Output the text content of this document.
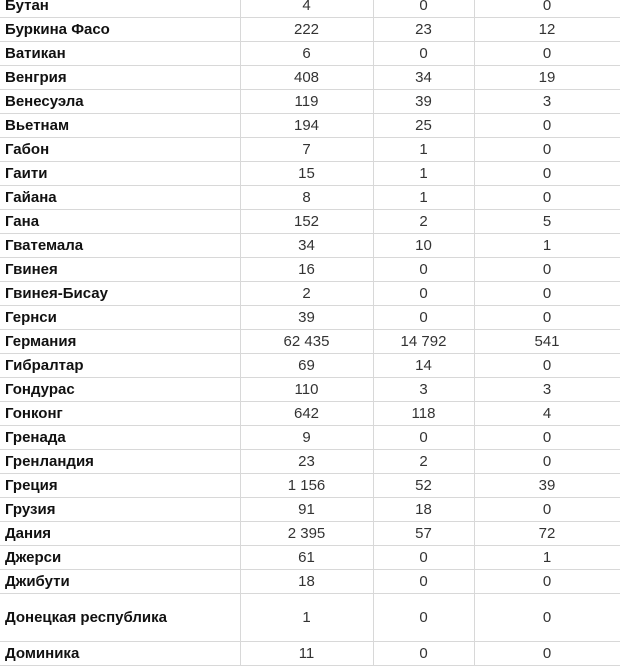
Бутан	4	0	0
Буркина Фасо	222	23	12
Ватикан	6	0	0
Венгрия	408	34	19
Венесуэла	119	39	3
Вьетнам	194	25	0
Габон	7	1	0
Гаити	15	1	0
Гайана	8	1	0
Гана	152	2	5
Гватемала	34	10	1
Гвинея	16	0	0
Гвинея-Бисау	2	0	0
Гернси	39	0	0
Германия	62 435	14 792	541
Гибралтар	69	14	0
Гондурас	110	3	3
Гонконг	642	118	4
Гренада	9	0	0
Гренландия	23	2	0
Греция	1 156	52	39
Грузия	91	18	0
Дания	2 395	57	72
Джерси	61	0	1
Джибути	18	0	0
Донецкая республика	1	0	0
Доминика	11	0	0
